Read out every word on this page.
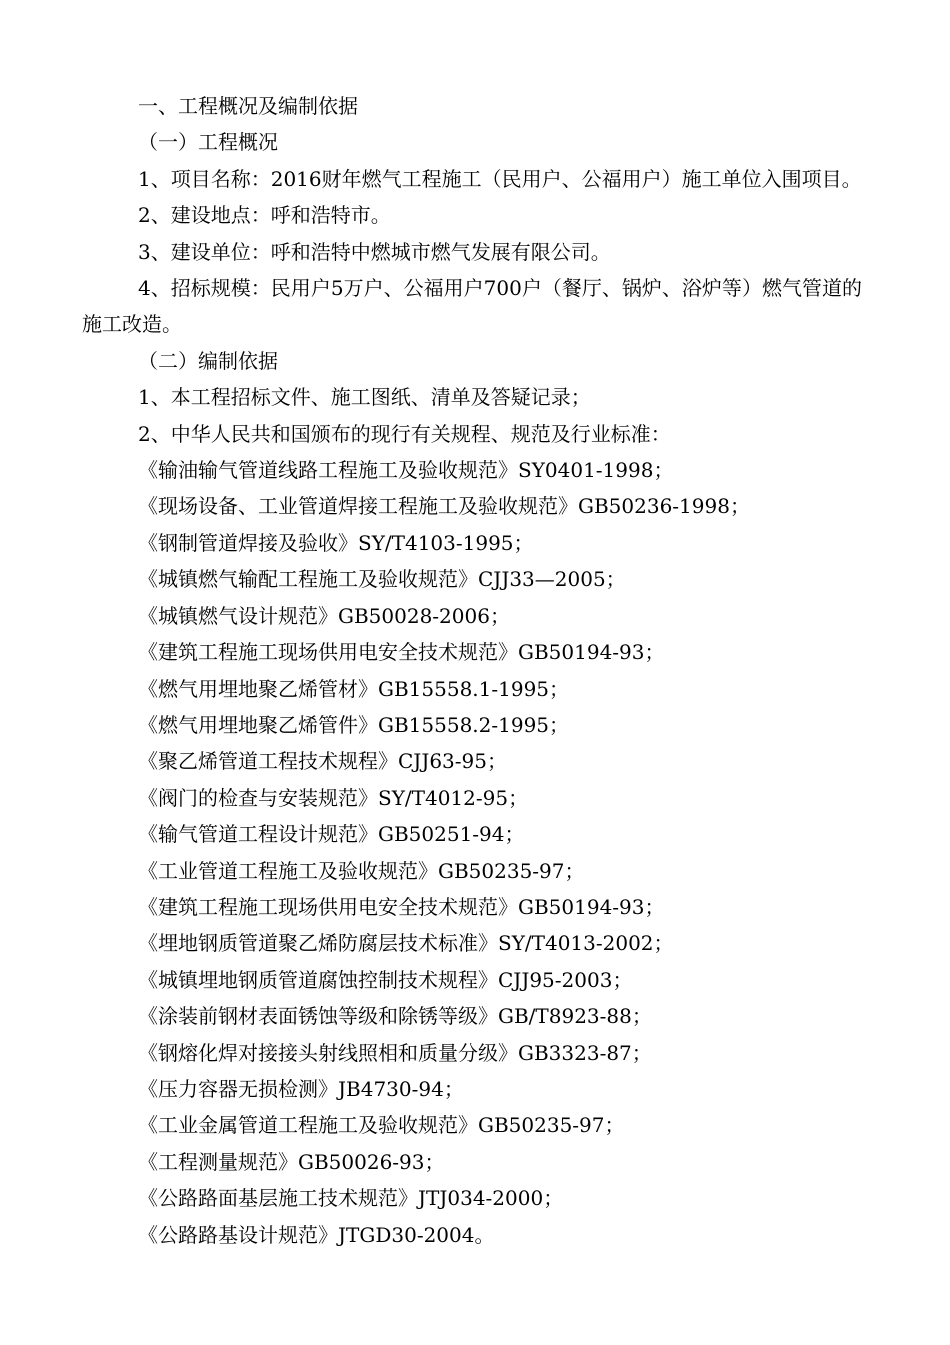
一、工程概况及编制依据

（一）工程概况

1、项目名称：2016财年燃气工程施工（民用户、公福用户）施工单位入围项目。

2、建设地点：呼和浩特市。

3、建设单位：呼和浩特中燃城市燃气发展有限公司。

4、招标规模：民用户5万户、公福用户700户（餐厅、锅炉、浴炉等）燃气管道的施工改造。

（二）编制依据

1、本工程招标文件、施工图纸、清单及答疑记录；

2、中华人民共和国颁布的现行有关规程、规范及行业标准：

《输油输气管道线路工程施工及验收规范》SY0401-1998；

《现场设备、工业管道焊接工程施工及验收规范》GB50236-1998；

《钢制管道焊接及验收》SY/T4103-1995；

《城镇燃气输配工程施工及验收规范》CJJ33—2005；

《城镇燃气设计规范》GB50028-2006；

《建筑工程施工现场供用电安全技术规范》GB50194-93；

《燃气用埋地聚乙烯管材》GB15558.1-1995；

《燃气用埋地聚乙烯管件》GB15558.2-1995；

《聚乙烯管道工程技术规程》CJJ63-95；

《阀门的检查与安装规范》SY/T4012-95；

《输气管道工程设计规范》GB50251-94；

《工业管道工程施工及验收规范》GB50235-97；

《建筑工程施工现场供用电安全技术规范》GB50194-93；

《埋地钢质管道聚乙烯防腐层技术标准》SY/T4013-2002；

《城镇埋地钢质管道腐蚀控制技术规程》CJJ95-2003；

《涂装前钢材表面锈蚀等级和除锈等级》GB/T8923-88；

《钢熔化焊对接接头射线照相和质量分级》GB3323-87；

《压力容器无损检测》JB4730-94；

《工业金属管道工程施工及验收规范》GB50235-97；

《工程测量规范》GB50026-93；

《公路路面基层施工技术规范》JTJ034-2000；

《公路路基设计规范》JTGD30-2004。
